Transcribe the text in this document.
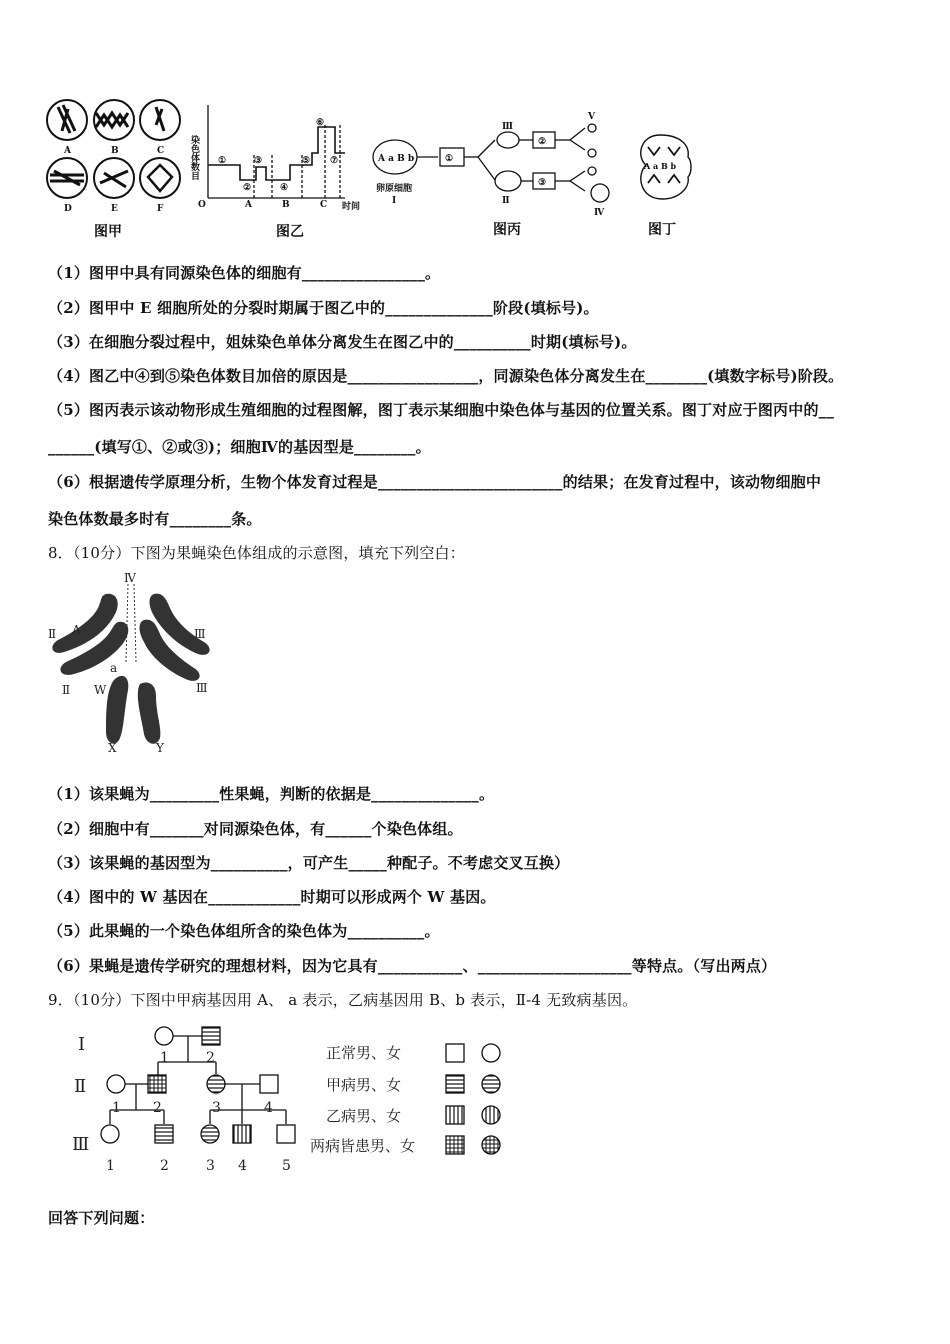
A	B	C
D	E	F
染色体数目
O	时间
A	B	C
①
②
③
④
⑤
⑥
⑦	A a B b
卵原细胞
Ⅰ
①
Ⅲ
Ⅱ
②
③
Ⅴ
Ⅳ
A a B b
图甲	图乙	图丙	图丁
（1）图甲中具有同源染色体的细胞有________________。
（2）图甲中 E 细胞所处的分裂时期属于图乙中的______________阶段(填标号)。
（3）在细胞分裂过程中，姐妹染色单体分离发生在图乙中的__________时期(填标号)。
（4）图乙中④到⑤染色体数目加倍的原因是_________________，同源染色体分离发生在________(填数字标号)阶段。
（5）图丙表示该动物形成生殖细胞的过程图解，图丁表示某细胞中染色体与基因的位置关系。图丁对应于图丙中的__
______(填写①、②或③)；细胞Ⅳ的基因型是________。
（6）根据遗传学原理分析，生物个体发育过程是________________________的结果；在发育过程中，该动物细胞中
染色体数最多时有________条。
8．（10分）下图为果蝇染色体组成的示意图，填充下列空白：
Ⅳ
Ⅱ	Ⅲ
A
a
Ⅱ W	Ⅲ
X	Y
（1）该果蝇为_________性果蝇，判断的依据是______________。
（2）细胞中有_______对同源染色体，有______个染色体组。
（3）该果蝇的基因型为__________，可产生_____种配子。不考虑交叉互换）
（4）图中的 W 基因在____________时期可以形成两个 W 基因。
（5）此果蝇的一个染色体组所含的染色体为__________。
（6）果蝇是遗传学研究的理想材料，因为它具有___________、____________________等特点。（写出两点）
9．（10分）下图中甲病基因用 A、 a 表示，乙病基因用 B、b 表示，Ⅱ-4 无致病基因。
Ⅰ
Ⅱ
Ⅲ
1	2
1 2	3	4
1	2	3 4	5
正常男、女
甲病男、女
乙病男、女
两病皆患男、女
回答下列问题：
